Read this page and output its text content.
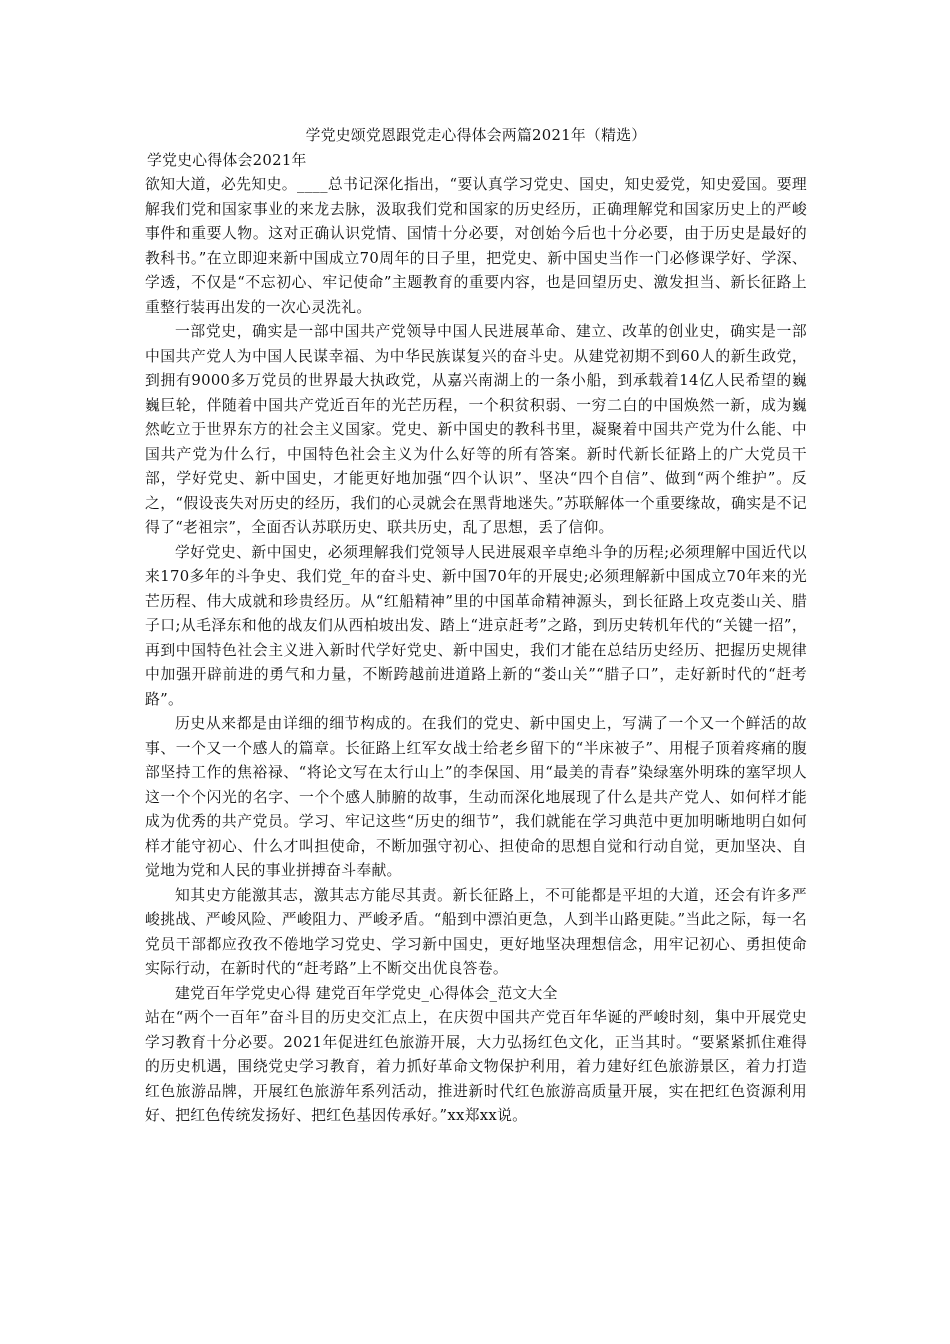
学党史颂党恩跟党走心得体会两篇2021年（精选）

学党史心得体会2021年

欲知大道，必先知史。____总书记深化指出，“要认真学习党史、国史，知史爱党，知史爱国。要理解我们党和国家事业的来龙去脉，汲取我们党和国家的历史经历，正确理解党和国家历史上的严峻事件和重要人物。这对正确认识党情、国情十分必要，对创始今后也十分必要，由于历史是最好的教科书。”在立即迎来新中国成立70周年的日子里，把党史、新中国史当作一门必修课学好、学深、学透，不仅是“不忘初心、牢记使命”主题教育的重要内容，也是回望历史、激发担当、新长征路上重整行装再出发的一次心灵洗礼。

一部党史，确实是一部中国共产党领导中国人民进展革命、建立、改革的创业史，确实是一部中国共产党人为中国人民谋幸福、为中华民族谋复兴的奋斗史。从建党初期不到60人的新生政党，到拥有9000多万党员的世界最大执政党，从嘉兴南湖上的一条小船，到承载着14亿人民希望的巍巍巨轮，伴随着中国共产党近百年的光芒历程，一个积贫积弱、一穷二白的中国焕然一新，成为巍然屹立于世界东方的社会主义国家。党史、新中国史的教科书里，凝聚着中国共产党为什么能、中国共产党为什么行，中国特色社会主义为什么好等的所有答案。新时代新长征路上的广大党员干部，学好党史、新中国史，才能更好地加强“四个认识”、坚决“四个自信”、做到“两个维护”。反之，“假设丧失对历史的经历，我们的心灵就会在黑背地迷失。”苏联解体一个重要缘故，确实是不记得了“老祖宗”，全面否认苏联历史、联共历史，乱了思想，丢了信仰。

学好党史、新中国史，必须理解我们党领导人民进展艰辛卓绝斗争的历程;必须理解中国近代以来170多年的斗争史、我们党_年的奋斗史、新中国70年的开展史;必须理解新中国成立70年来的光芒历程、伟大成就和珍贵经历。从“红船精神”里的中国革命精神源头，到长征路上攻克娄山关、腊子口;从毛泽东和他的战友们从西柏坡出发、踏上“进京赶考”之路，到历史转机年代的“关键一招”，再到中国特色社会主义进入新时代学好党史、新中国史，我们才能在总结历史经历、把握历史规律中加强开辟前进的勇气和力量，不断跨越前进道路上新的“娄山关”“腊子口”，走好新时代的“赶考路”。

历史从来都是由详细的细节构成的。在我们的党史、新中国史上，写满了一个又一个鲜活的故事、一个又一个感人的篇章。长征路上红军女战士给老乡留下的“半床被子”、用棍子顶着疼痛的腹部坚持工作的焦裕禄、“将论文写在太行山上”的李保国、用“最美的青春”染绿塞外明珠的塞罕坝人这一个个闪光的名字、一个个感人肺腑的故事，生动而深化地展现了什么是共产党人、如何样才能成为优秀的共产党员。学习、牢记这些“历史的细节”，我们就能在学习典范中更加明晰地明白如何样才能守初心、什么才叫担使命，不断加强守初心、担使命的思想自觉和行动自觉，更加坚决、自觉地为党和人民的事业拼搏奋斗奉献。

知其史方能激其志，激其志方能尽其责。新长征路上，不可能都是平坦的大道，还会有许多严峻挑战、严峻风险、严峻阻力、严峻矛盾。“船到中漂泊更急，人到半山路更陡。”当此之际，每一名党员干部都应孜孜不倦地学习党史、学习新中国史，更好地坚决理想信念，用牢记初心、勇担使命实际行动，在新时代的“赶考路”上不断交出优良答卷。

建党百年学党史心得 建党百年学党史_心得体会_范文大全

站在“两个一百年”奋斗目的历史交汇点上，在庆贺中国共产党百年华诞的严峻时刻，集中开展党史学习教育十分必要。2021年促进红色旅游开展，大力弘扬红色文化，正当其时。“要紧紧抓住难得的历史机遇，围绕党史学习教育，着力抓好革命文物保护利用，着力建好红色旅游景区，着力打造红色旅游品牌，开展红色旅游年系列活动，推进新时代红色旅游高质量开展，实在把红色资源利用好、把红色传统发扬好、把红色基因传承好。”xx郑xx说。
